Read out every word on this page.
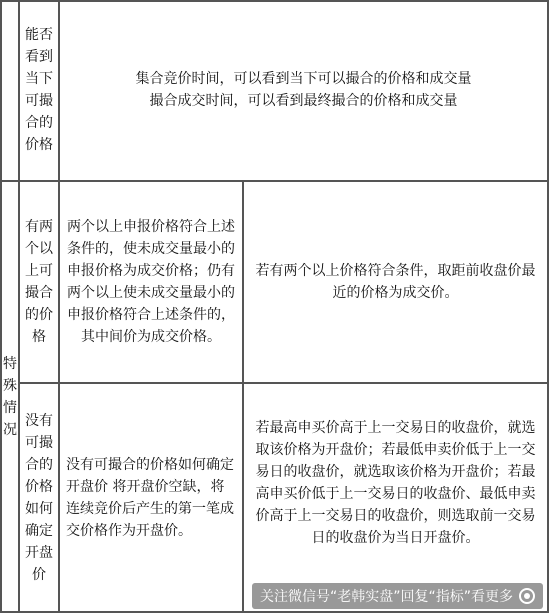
能否
看到
当下
可撮
合的
价格
集合竞价时间，可以看到当下可以撮合的价格和成交量
撮合成交时间，可以看到最终撮合的价格和成交量
特
殊
情
况
有两
个以
上可
撮合
的价
格
两个以上申报价格符合上述条件的，使未成交量最小的申报价格为成交价格；仍有两个以上使未成交量最小的申报价格符合上述条件的，其中间价为成交价格。
若有两个以上价格符合条件，取距前收盘价最近的价格为成交价。
没有
可撮
合的
价格
如何
确定
开盘
价
没有可撮合的价格如何确定开盘价 将开盘价空缺，将连续竞价后产生的第一笔成交价格作为开盘价。
若最高申买价高于上一交易日的收盘价，就选取该价格为开盘价；若最低申卖价低于上一交易日的收盘价，就选取该价格为开盘价；若最高申买价低于上一交易日的收盘价、最低申卖价高于上一交易日的收盘价，则选取前一交易日的收盘价为当日开盘价。
关注微信号“老韩实盘”回复“指标”看更多
